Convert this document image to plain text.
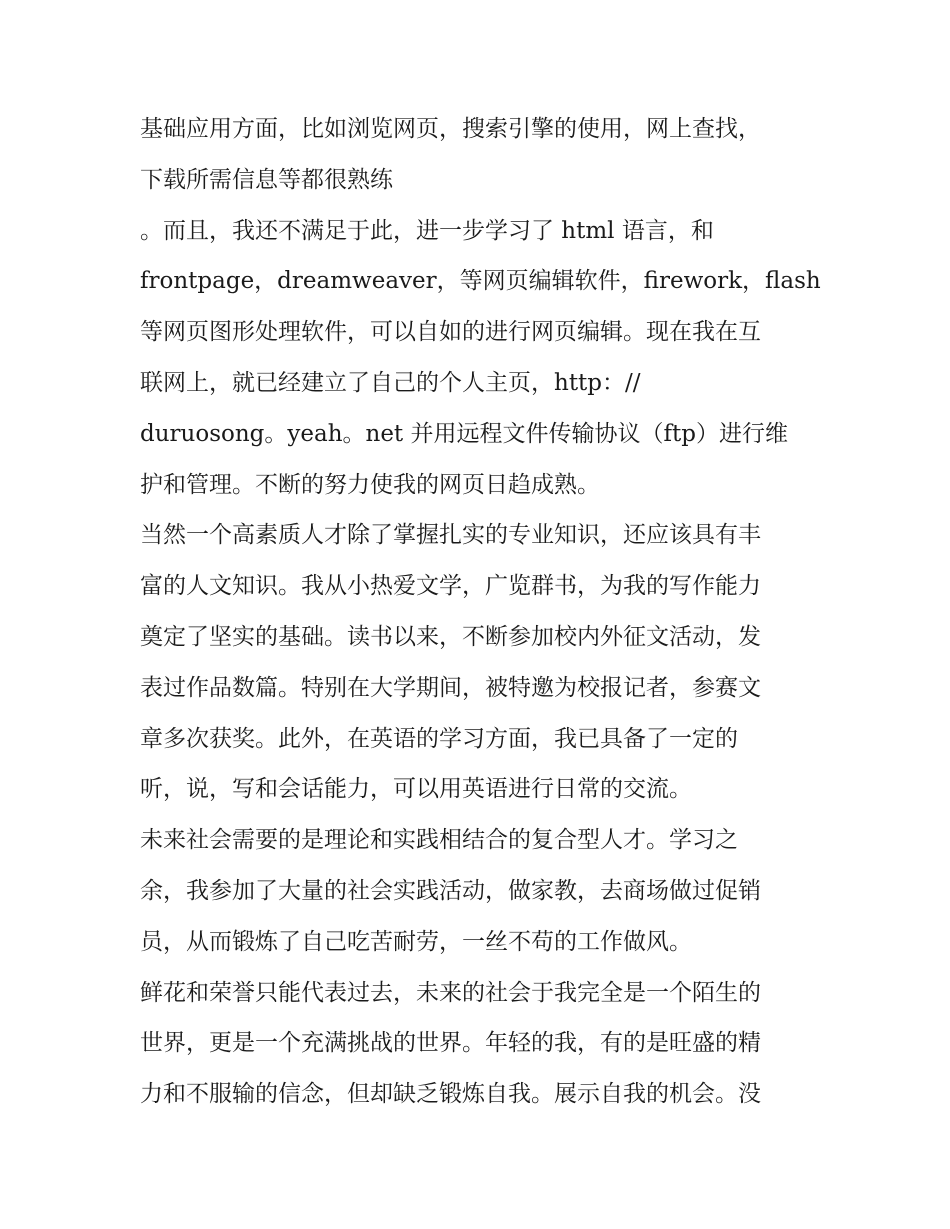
基础应用方面，比如浏览网页，搜索引擎的使用，网上查找，
下载所需信息等都很熟练
。而且，我还不满足于此，进一步学习了 html 语言，和
frontpage，dreamweaver，等网页编辑软件，firework，flash
等网页图形处理软件，可以自如的进行网页编辑。现在我在互
联网上，就已经建立了自己的个人主页，http：//
duruosong。yeah。net 并用远程文件传输协议（ftp）进行维
护和管理。不断的努力使我的网页日趋成熟。
当然一个高素质人才除了掌握扎实的专业知识，还应该具有丰
富的人文知识。我从小热爱文学，广览群书，为我的写作能力
奠定了坚实的基础。读书以来，不断参加校内外征文活动，发
表过作品数篇。特别在大学期间，被特邀为校报记者，参赛文
章多次获奖。此外，在英语的学习方面，我已具备了一定的
听，说，写和会话能力，可以用英语进行日常的交流。
未来社会需要的是理论和实践相结合的复合型人才。学习之
余，我参加了大量的社会实践活动，做家教，去商场做过促销
员，从而锻炼了自己吃苦耐劳，一丝不苟的工作做风。
鲜花和荣誉只能代表过去，未来的社会于我完全是一个陌生的
世界，更是一个充满挑战的世界。年轻的我，有的是旺盛的精
力和不服输的信念，但却缺乏锻炼自我。展示自我的机会。没
